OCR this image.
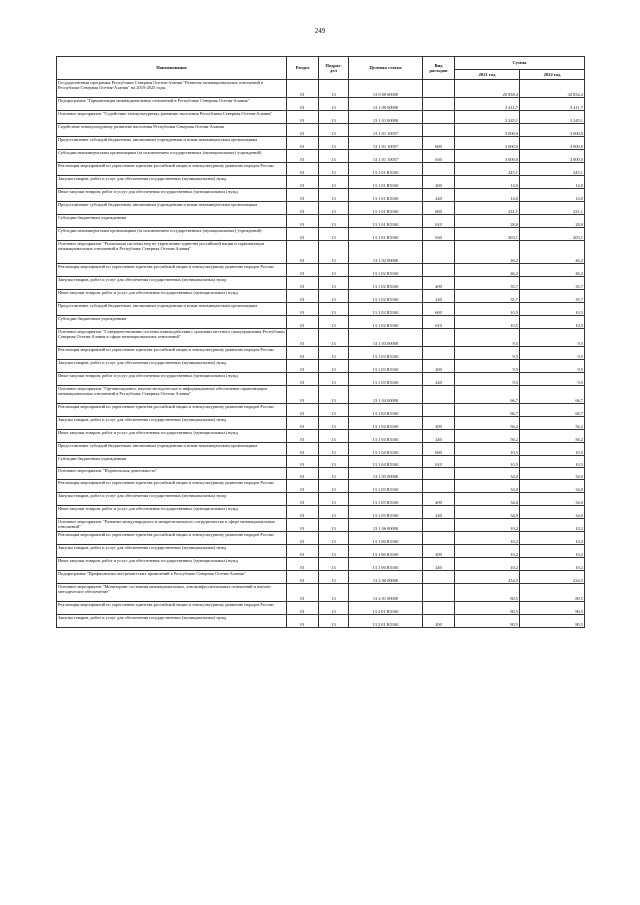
249
Наименование	Раздел	Подраз-
дел	Целевая статья	Вид
расходов	Сумма	
					2021 год	2022 год
Государственная программа Республики Северная Осетия-Алания "Развитие межнациональных отношений в Республике Северная Осетия-Алания" на 2019-2025 годы	01	13	13 0 00 00000		26 838,4	34 834,4
Подпрограмма "Гармонизация межнациональных отношений в Республике Северная Осетия-Алания"	01	13	13 1 00 00000		3 411,7	3 411,7
Основное мероприятие "Содействие этнокультурному развитию населения Республики Северная Осетия-Алания"	01	13	13 1 01 00000		3 245,1	3 245,1
Содействие этнокультурному развитию населения Республики Северная Осетия-Алания	01	13	13 1 01 10057		3 000,0	3 000,0
Предоставление субсидий бюджетным, автономным учреждениям и иным некоммерческим организациям	01	13	13 1 01 10057	600	3 000,0	3 000,0
Субсидии некоммерческим организациям (за исключением государственных (муниципальных) учреждений)	01	13	13 1 01 10057	630	3 000,0	3 000,0
Реализация мероприятий по укреплению единства российской нации и этнокультурному развитию народов России	01	13	13 1 01 R5160		245,1	245,1
Закупка товаров, работ и услуг для обеспечения государственных (муниципальных) нужд	01	13	13 1 01 R5160	200	14,0	14,0
Иные закупки товаров, работ и услуг для обеспечения государственных (муниципальных) нужд	01	13	13 1 01 R5160	240	14,0	14,0
Предоставление субсидий бюджетным, автономным учреждениям и иным некоммерческим организациям	01	13	13 1 01 R5160	600	231,1	231,1
Субсидии бюджетным учреждениям	01	13	13 1 01 R5160	610	28,0	28,0
Субсидии некоммерческим организациям (за исключением государственных (муниципальных) учреждений)	01	13	13 1 01 R5160	630	203,1	203,1
Основное мероприятие "Реализация системы мер по укреплению единства российской нации и гармонизации межнациональных отношений в Республике Северная Осетия-Алания"	01	13	13 1 02 00000		46,2	46,2
Реализация мероприятий по укреплению единства российской нации и этнокультурному развитию народов России	01	13	13 1 02 R5160		46,2	46,2
Закупка товаров, работ и услуг для обеспечения государственных (муниципальных) нужд	01	13	13 1 02 R5160	200	35,7	35,7
Иные закупки товаров, работ и услуг для обеспечения государственных (муниципальных) нужд	01	13	13 1 02 R5160	240	35,7	35,7
Предоставление субсидий бюджетным, автономным учреждениям и иным некоммерческим организациям	01	13	13 1 02 R5160	600	10,5	10,5
Субсидии бюджетным учреждениям	01	13	13 1 02 R5160	610	10,5	10,5
Основное мероприятие "Совершенствование системы взаимодействия с органами местного самоуправления Республики Северная Осетия-Алания в сфере межнациональных отношений"	01	13	13 1 03 00000		9,5	9,5
Реализация мероприятий по укреплению единства российской нации и этнокультурному развитию народов России	01	13	13 1 03 R5160		9,5	9,5
Закупка товаров, работ и услуг для обеспечения государственных (муниципальных) нужд	01	13	13 1 03 R5160	200	9,5	9,5
Иные закупки товаров, работ и услуг для обеспечения государственных (муниципальных) нужд	01	13	13 1 03 R5160	240	9,5	9,5
Основное мероприятие "Организационно, научно-методическое и информационное обеспечение гармонизации межнациональных отношений в Республике Северная Осетия-Алания"	01	13	13 1 04 00000		66,7	66,7
Реализация мероприятий по укреплению единства российской нации и этнокультурному развитию народов России	01	13	13 1 04 R5160		66,7	66,7
Закупка товаров, работ и услуг для обеспечения государственных (муниципальных) нужд	01	13	13 1 04 R5160	200	56,2	56,2
Иные закупки товаров, работ и услуг для обеспечения государственных (муниципальных) нужд	01	13	13 1 04 R5160	240	56,2	56,2
Предоставление субсидий бюджетным, автономным учреждениям и иным некоммерческим организациям	01	13	13 1 04 R5160	600	10,5	10,5
Субсидии бюджетным учреждениям	01	13	13 1 04 R5160	610	10,5	10,5
Основное мероприятие "Издательская деятельность"	01	13	13 1 05 00000		34,0	34,0
Реализация мероприятий по укреплению единства российской нации и этнокультурному развитию народов России	01	13	13 1 05 R5160		34,0	34,0
Закупка товаров, работ и услуг для обеспечения государственных (муниципальных) нужд	01	13	13 1 05 R5160	200	34,0	34,0
Иные закупки товаров, работ и услуг для обеспечения государственных (муниципальных) нужд	01	13	13 1 05 R5160	240	34,0	34,0
Основное мероприятие "Развитие международного и межрегионального сотрудничества в сфере межнациональных отношений"	01	13	13 1 06 00000		10,2	10,2
Реализация мероприятий по укреплению единства российской нации и этнокультурному развитию народов России	01	13	13 1 06 R5160		10,2	10,2
Закупка товаров, работ и услуг для обеспечения государственных (муниципальных) нужд	01	13	13 1 06 R5160	200	10,2	10,2
Иные закупки товаров, работ и услуг для обеспечения государственных (муниципальных) нужд	01	13	13 1 06 R5160	240	10,2	10,2
Подпрограмма "Профилактика экстремистских проявлений в Республике Северная Осетия-Алания"	01	13	13 2 00 00000		234,5	234,5
Основное мероприятие "Мониторинг состояния межнациональных, этноконфессиональных отношений и научно-методическое обеспечение"	01	13	13 2 01 00000		80,5	80,5
Реализация мероприятий по укреплению единства российской нации и этнокультурному развитию народов России	01	13	13 2 01 R5160		80,5	80,5
Закупка товаров, работ и услуг для обеспечения государственных (муниципальных) нужд	01	13	13 2 01 R5160	200	80,5	80,5
